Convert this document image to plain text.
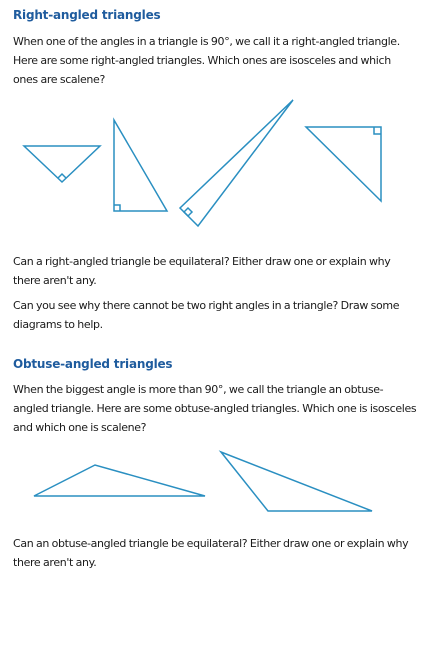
Right-angled triangles

When one of the angles in a triangle is 90°, we call it a right-angled triangle. Here are some right-angled triangles. Which ones are isosceles and which ones are scalene?

Can a right-angled triangle be equilateral? Either draw one or explain why there aren't any.

Can you see why there cannot be two right angles in a triangle? Draw some diagrams to help.

Obtuse-angled triangles

When the biggest angle is more than 90°, we call the triangle an obtuse-angled triangle. Here are some obtuse-angled triangles. Which one is isosceles and which one is scalene?

Can an obtuse-angled triangle be equilateral? Either draw one or explain why there aren't any.
